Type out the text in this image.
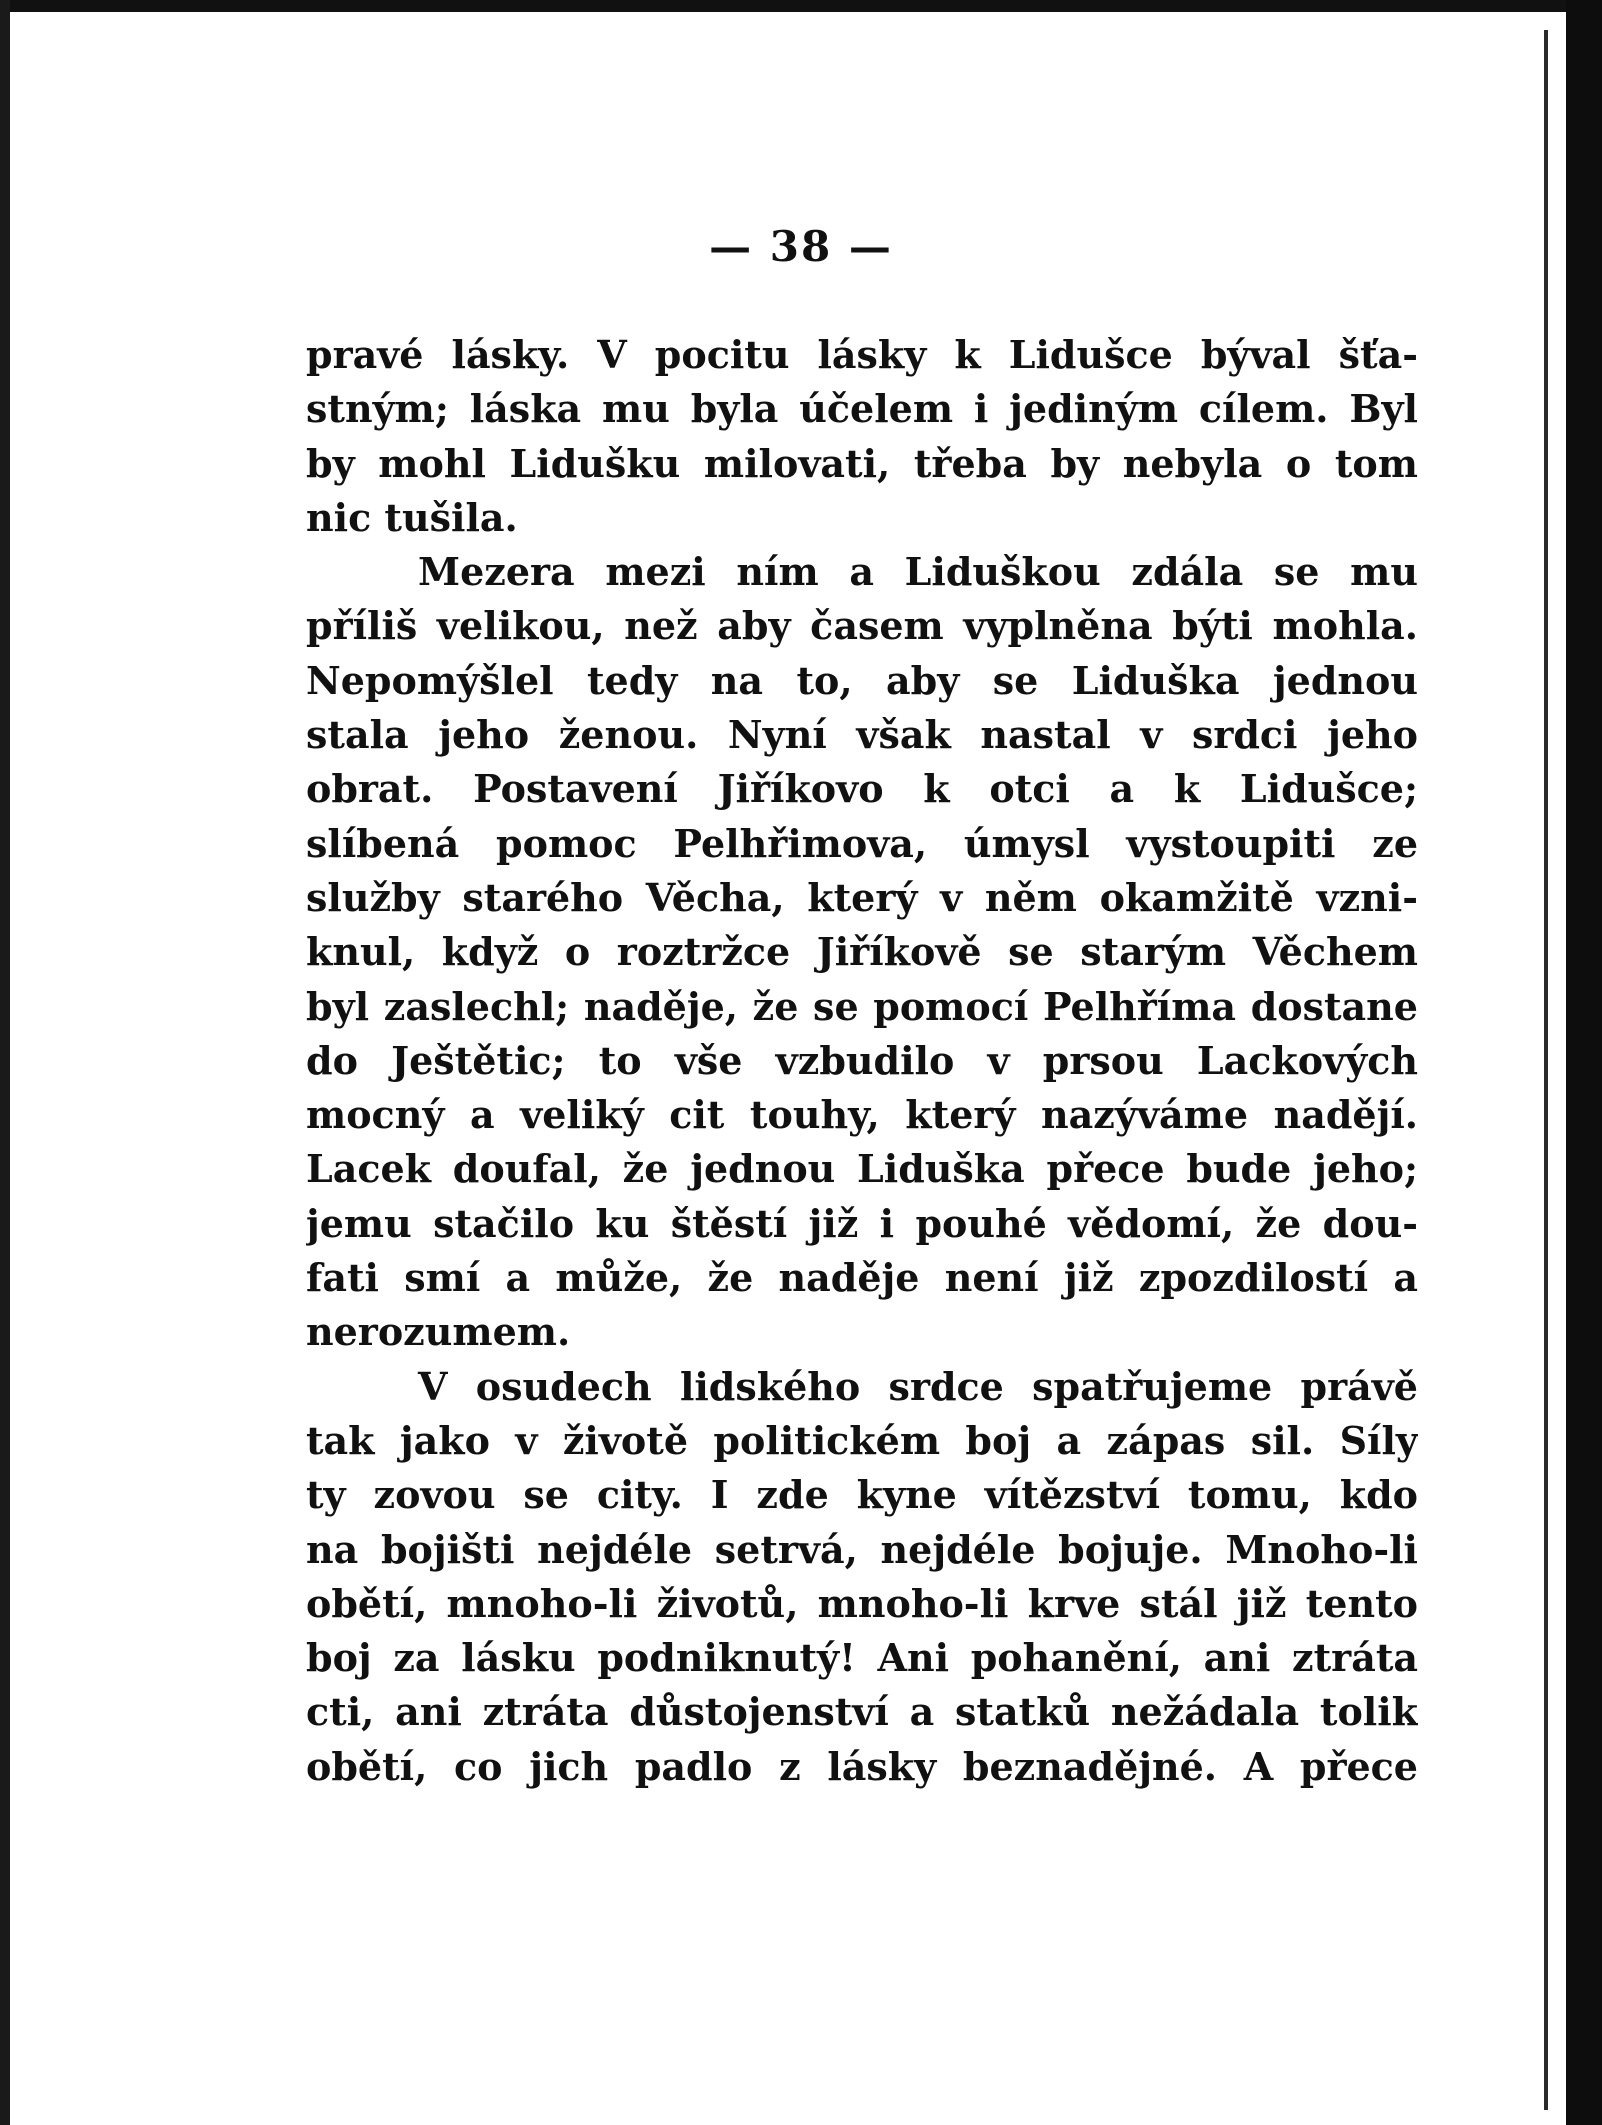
— 38 —
pravé lásky. V pocitu lásky k Lidušce býval šťa-
stným; láska mu byla účelem i jediným cílem. Byl
by mohl Lidušku milovati, třeba by nebyla o tom
nic tušila.
Mezera mezi ním a Liduškou zdála se mu
příliš velikou, než aby časem vyplněna býti mohla.
Nepomýšlel tedy na to, aby se Liduška jednou
stala jeho ženou. Nyní však nastal v srdci jeho
obrat. Postavení Jiříkovo k otci a k Lidušce;
slíbená pomoc Pelhřimova, úmysl vystoupiti ze
služby starého Věcha, který v něm okamžitě vzni-
knul, když o roztržce Jiříkově se starým Věchem
byl zaslechl; naděje, že se pomocí Pelhříma dostane
do Ještětic; to vše vzbudilo v prsou Lackových
mocný a veliký cit touhy, který nazýváme nadějí.
Lacek doufal, že jednou Liduška přece bude jeho;
jemu stačilo ku štěstí již i pouhé vědomí, že dou-
fati smí a může, že naděje není již zpozdilostí a
nerozumem.
V osudech lidského srdce spatřujeme právě
tak jako v životě politickém boj a zápas sil. Síly
ty zovou se city. I zde kyne vítězství tomu, kdo
na bojišti nejdéle setrvá, nejdéle bojuje. Mnoho-li
obětí, mnoho-li životů, mnoho-li krve stál již tento
boj za lásku podniknutý! Ani pohanění, ani ztráta
cti, ani ztráta důstojenství a statků nežádala tolik
obětí, co jich padlo z lásky beznadějné. A přece
